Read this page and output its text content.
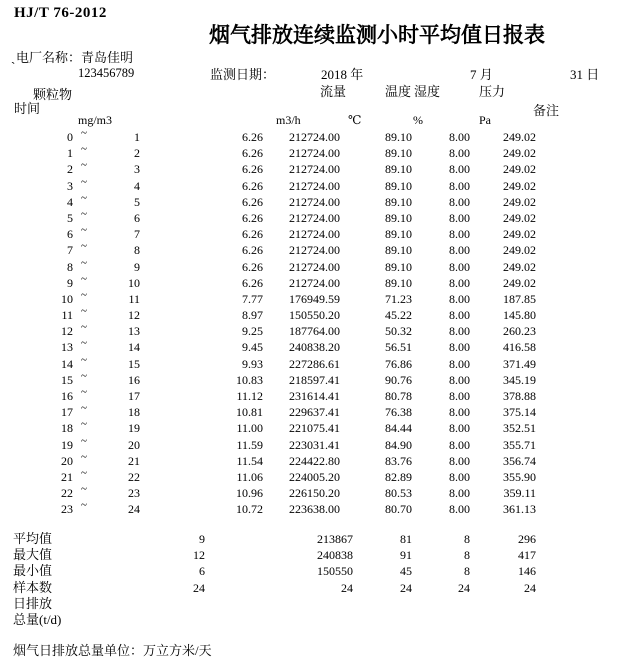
HJ/T 76-2012
烟气排放连续监测小时平均值日报表
电厂名称：青岛佳明
`	123456789	监测日期：	2018 年	7 月	31 日
时间
颗粒物	流量	温度 湿度	压力
备注
mg/m3	m3/h	℃	%	Pa
0 ~	1	6.26 212724.00	89.10	8.00	249.02
1 ~	2	6.26 212724.00	89.10	8.00	249.02
2 ~	3	6.26 212724.00	89.10	8.00	249.02
3 ~	4	6.26 212724.00	89.10	8.00	249.02
4 ~	5	6.26 212724.00	89.10	8.00	249.02
5 ~	6	6.26 212724.00	89.10	8.00	249.02
6 ~	7	6.26 212724.00	89.10	8.00	249.02
7 ~	8	6.26 212724.00	89.10	8.00	249.02
8 ~	9	6.26 212724.00	89.10	8.00	249.02
9 ~	10	6.26 212724.00	89.10	8.00	249.02
10 ~	11	7.77 176949.59	71.23	8.00	187.85
11 ~	12	8.97 150550.20	45.22	8.00	145.80
12 ~	13	9.25 187764.00	50.32	8.00	260.23
13 ~	14	9.45 240838.20	56.51	8.00	416.58
14 ~	15	9.93 227286.61	76.86	8.00	371.49
15 ~	16	10.83 218597.41	90.76	8.00	345.19
16 ~	17	11.12 231614.41	80.78	8.00	378.88
17 ~	18	10.81 229637.41	76.38	8.00	375.14
18 ~	19	11.00 221075.41	84.44	8.00	352.51
19 ~	20	11.59 223031.41	84.90	8.00	355.71
20 ~	21	11.54 224422.80	83.76	8.00	356.74
21 ~	22	11.06 224005.20	82.89	8.00	355.90
22 ~	23	10.96 226150.20	80.53	8.00	359.11
23 ~	24	10.72 223638.00	80.70	8.00	361.13
平均值	9	213867	81	8	296
最大值	12	240838	91	8	417
最小值	6	150550	45	8	146
样本数	24	24	24	24	24
日排放
总量(t/d)
烟气日排放总量单位：万立方米/天
